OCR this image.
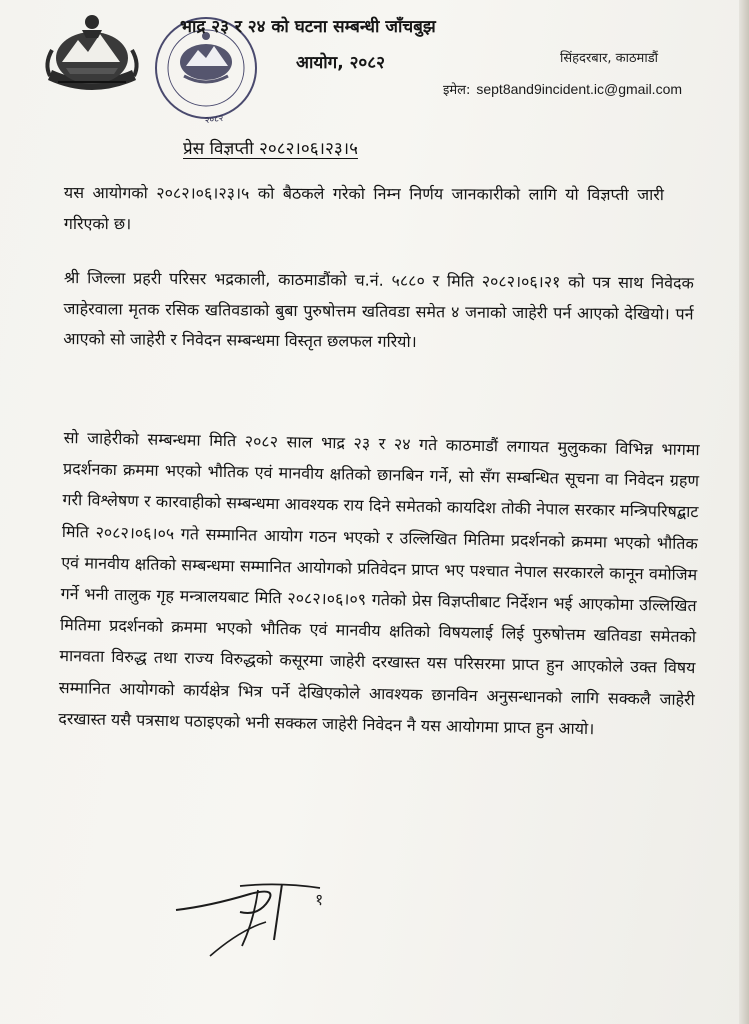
२०८२
भाद्र २३ र २४ को घटना सम्बन्धी जाँचबुझ
आयोग, २०८२	सिंहदरबार, काठमाडौं
इमेल: sept8and9incident.ic@gmail.com
प्रेस विज्ञप्ती २०८२।०६।२३।५
यस आयोगको २०८२।०६।२३।५ को बैठकले गरेको निम्न निर्णय जानकारीको लागि यो विज्ञप्ती जारी गरिएको छ।
श्री जिल्ला प्रहरी परिसर भद्रकाली, काठमाडौंको च.नं. ५८८० र मिति २०८२।०६।२१ को पत्र साथ निवेदक जाहेरवाला मृतक रसिक खतिवडाको बुबा पुरुषोत्तम खतिवडा समेत ४ जनाको जाहेरी पर्न आएको देखियो। पर्न आएको सो जाहेरी र निवेदन सम्बन्धमा विस्तृत छलफल गरियो।
सो जाहेरीको सम्बन्धमा मिति २०८२ साल भाद्र २३ र २४ गते काठमाडौं लगायत मुलुकका विभिन्न भागमा प्रदर्शनका क्रममा भएको भौतिक एवं मानवीय क्षतिको छानबिन गर्ने, सो सँग सम्बन्धित सूचना वा निवेदन ग्रहण गरी विश्लेषण र कारवाहीको सम्बन्धमा आवश्यक राय दिने समेतको कायदिश तोकी नेपाल सरकार मन्त्रिपरिषद्बाट मिति २०८२।०६।०५ गते सम्मानित आयोग गठन भएको र उल्लिखित मितिमा प्रदर्शनको क्रममा भएको भौतिक एवं मानवीय क्षतिको सम्बन्धमा सम्मानित आयोगको प्रतिवेदन प्राप्त भए पश्चात नेपाल सरकारले कानून वमोजिम गर्ने भनी तालुक गृह मन्त्रालयबाट मिति २०८२।०६।०९ गतेको प्रेस विज्ञप्तीबाट निर्देशन भई आएकोमा उल्लिखित मितिमा प्रदर्शनको क्रममा भएको भौतिक एवं मानवीय क्षतिको विषयलाई लिई पुरुषोत्तम खतिवडा समेतको मानवता विरुद्ध तथा राज्य विरुद्धको कसूरमा जाहेरी दरखास्त यस परिसरमा प्राप्त हुन आएकोले उक्त विषय सम्मानित आयोगको कार्यक्षेत्र भित्र पर्ने देखिएकोले आवश्यक छानविन अनुसन्धानको लागि सक्कलै जाहेरी दरखास्त यसै पत्रसाथ पठाइएको भनी सक्कल जाहेरी निवेदन नै यस आयोगमा प्राप्त हुन आयो।
१
